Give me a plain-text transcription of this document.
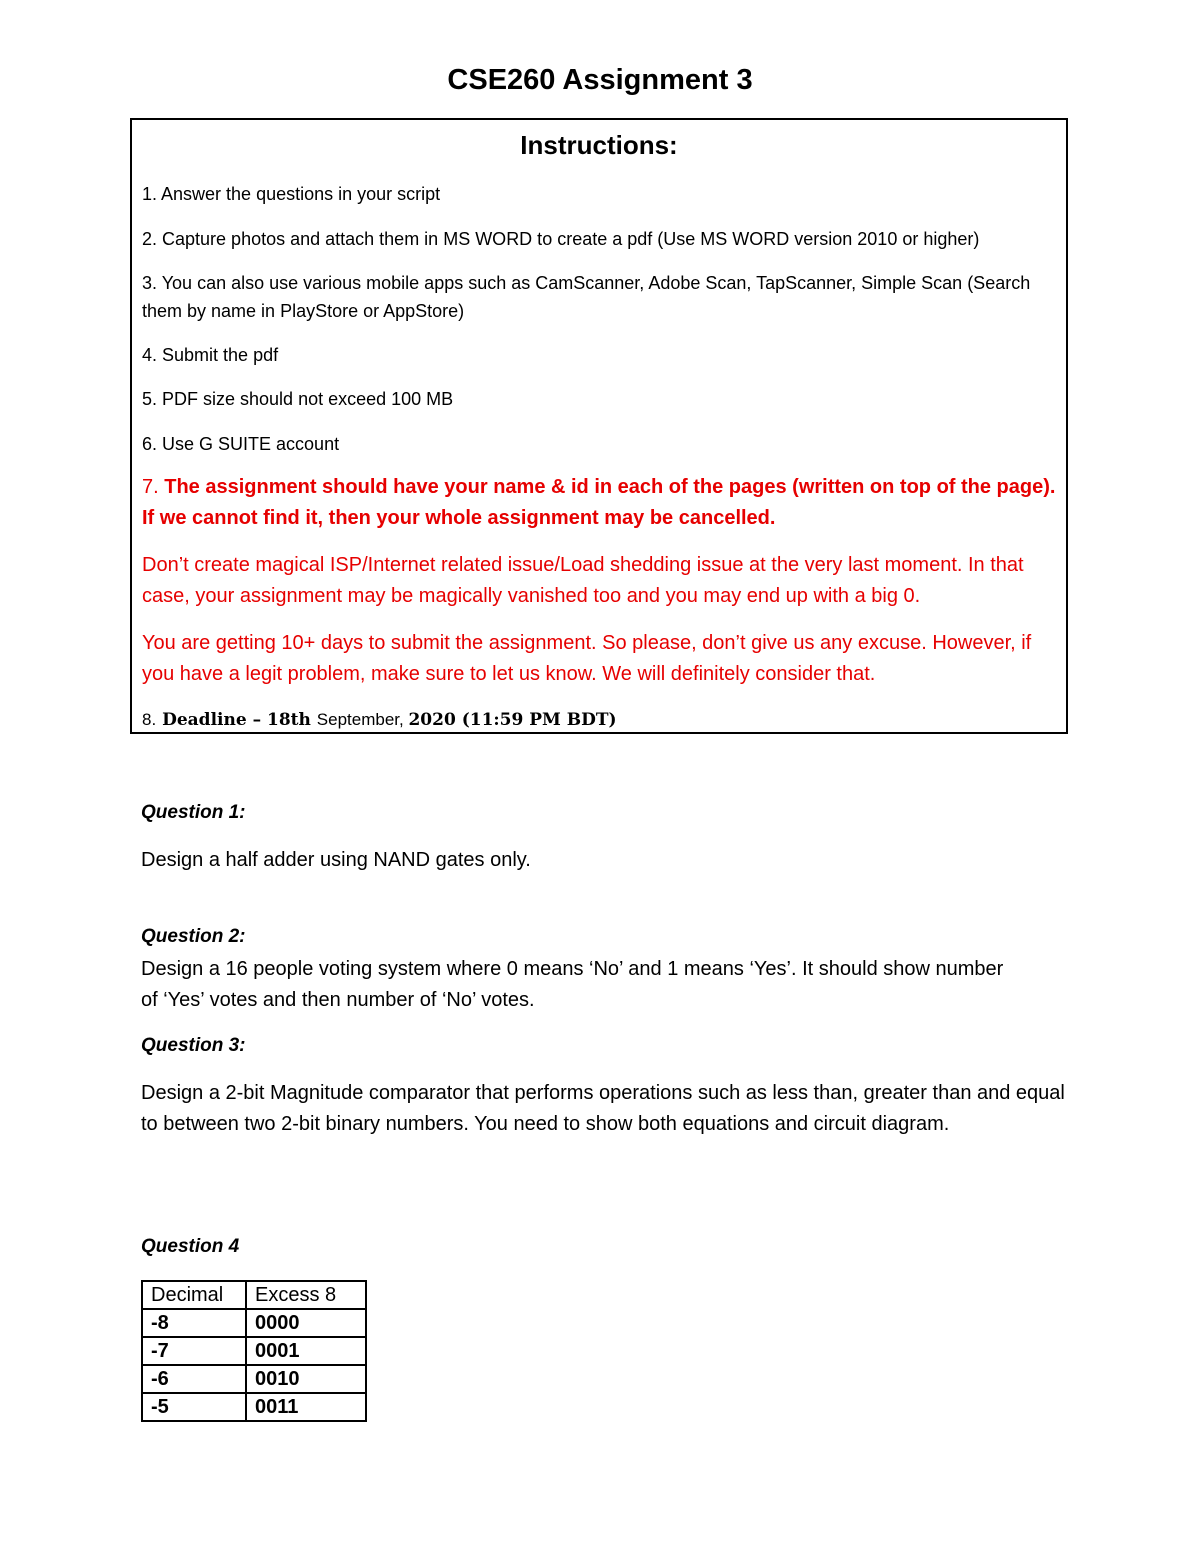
CSE260 Assignment 3
Instructions:
1. Answer the questions in your script
2. Capture photos and attach them in MS WORD to create a pdf (Use MS WORD version 2010 or higher)
3. You can also use various mobile apps such as CamScanner, Adobe Scan, TapScanner, Simple Scan (Search them by name in PlayStore or AppStore)
4. Submit the pdf
5. PDF size should not exceed 100 MB
6. Use G SUITE account
7. The assignment should have your name & id in each of the pages (written on top of the page). If we cannot find it, then your whole assignment may be cancelled.
Don’t create magical ISP/Internet related issue/Load shedding issue at the very last moment. In that case, your assignment may be magically vanished too and you may end up with a big 0.
You are getting 10+ days to submit the assignment. So please, don’t give us any excuse. However, if you have a legit problem, make sure to let us know. We will definitely consider that.
8. Deadline – 18th September, 2020 (11:59 PM BDT)
Question 1:
Design a half adder using NAND gates only.
Question 2:
Design a 16 people voting system where 0 means ‘No’ and 1 means ‘Yes’. It should show number of ‘Yes’ votes and then number of ‘No’ votes.
Question 3:
Design a 2-bit Magnitude comparator that performs operations such as less than, greater than and equal to between two 2-bit binary numbers. You need to show both equations and circuit diagram.
Question 4
Decimal	Excess 8
-8	0000
-7	0001
-6	0010
-5	0011
